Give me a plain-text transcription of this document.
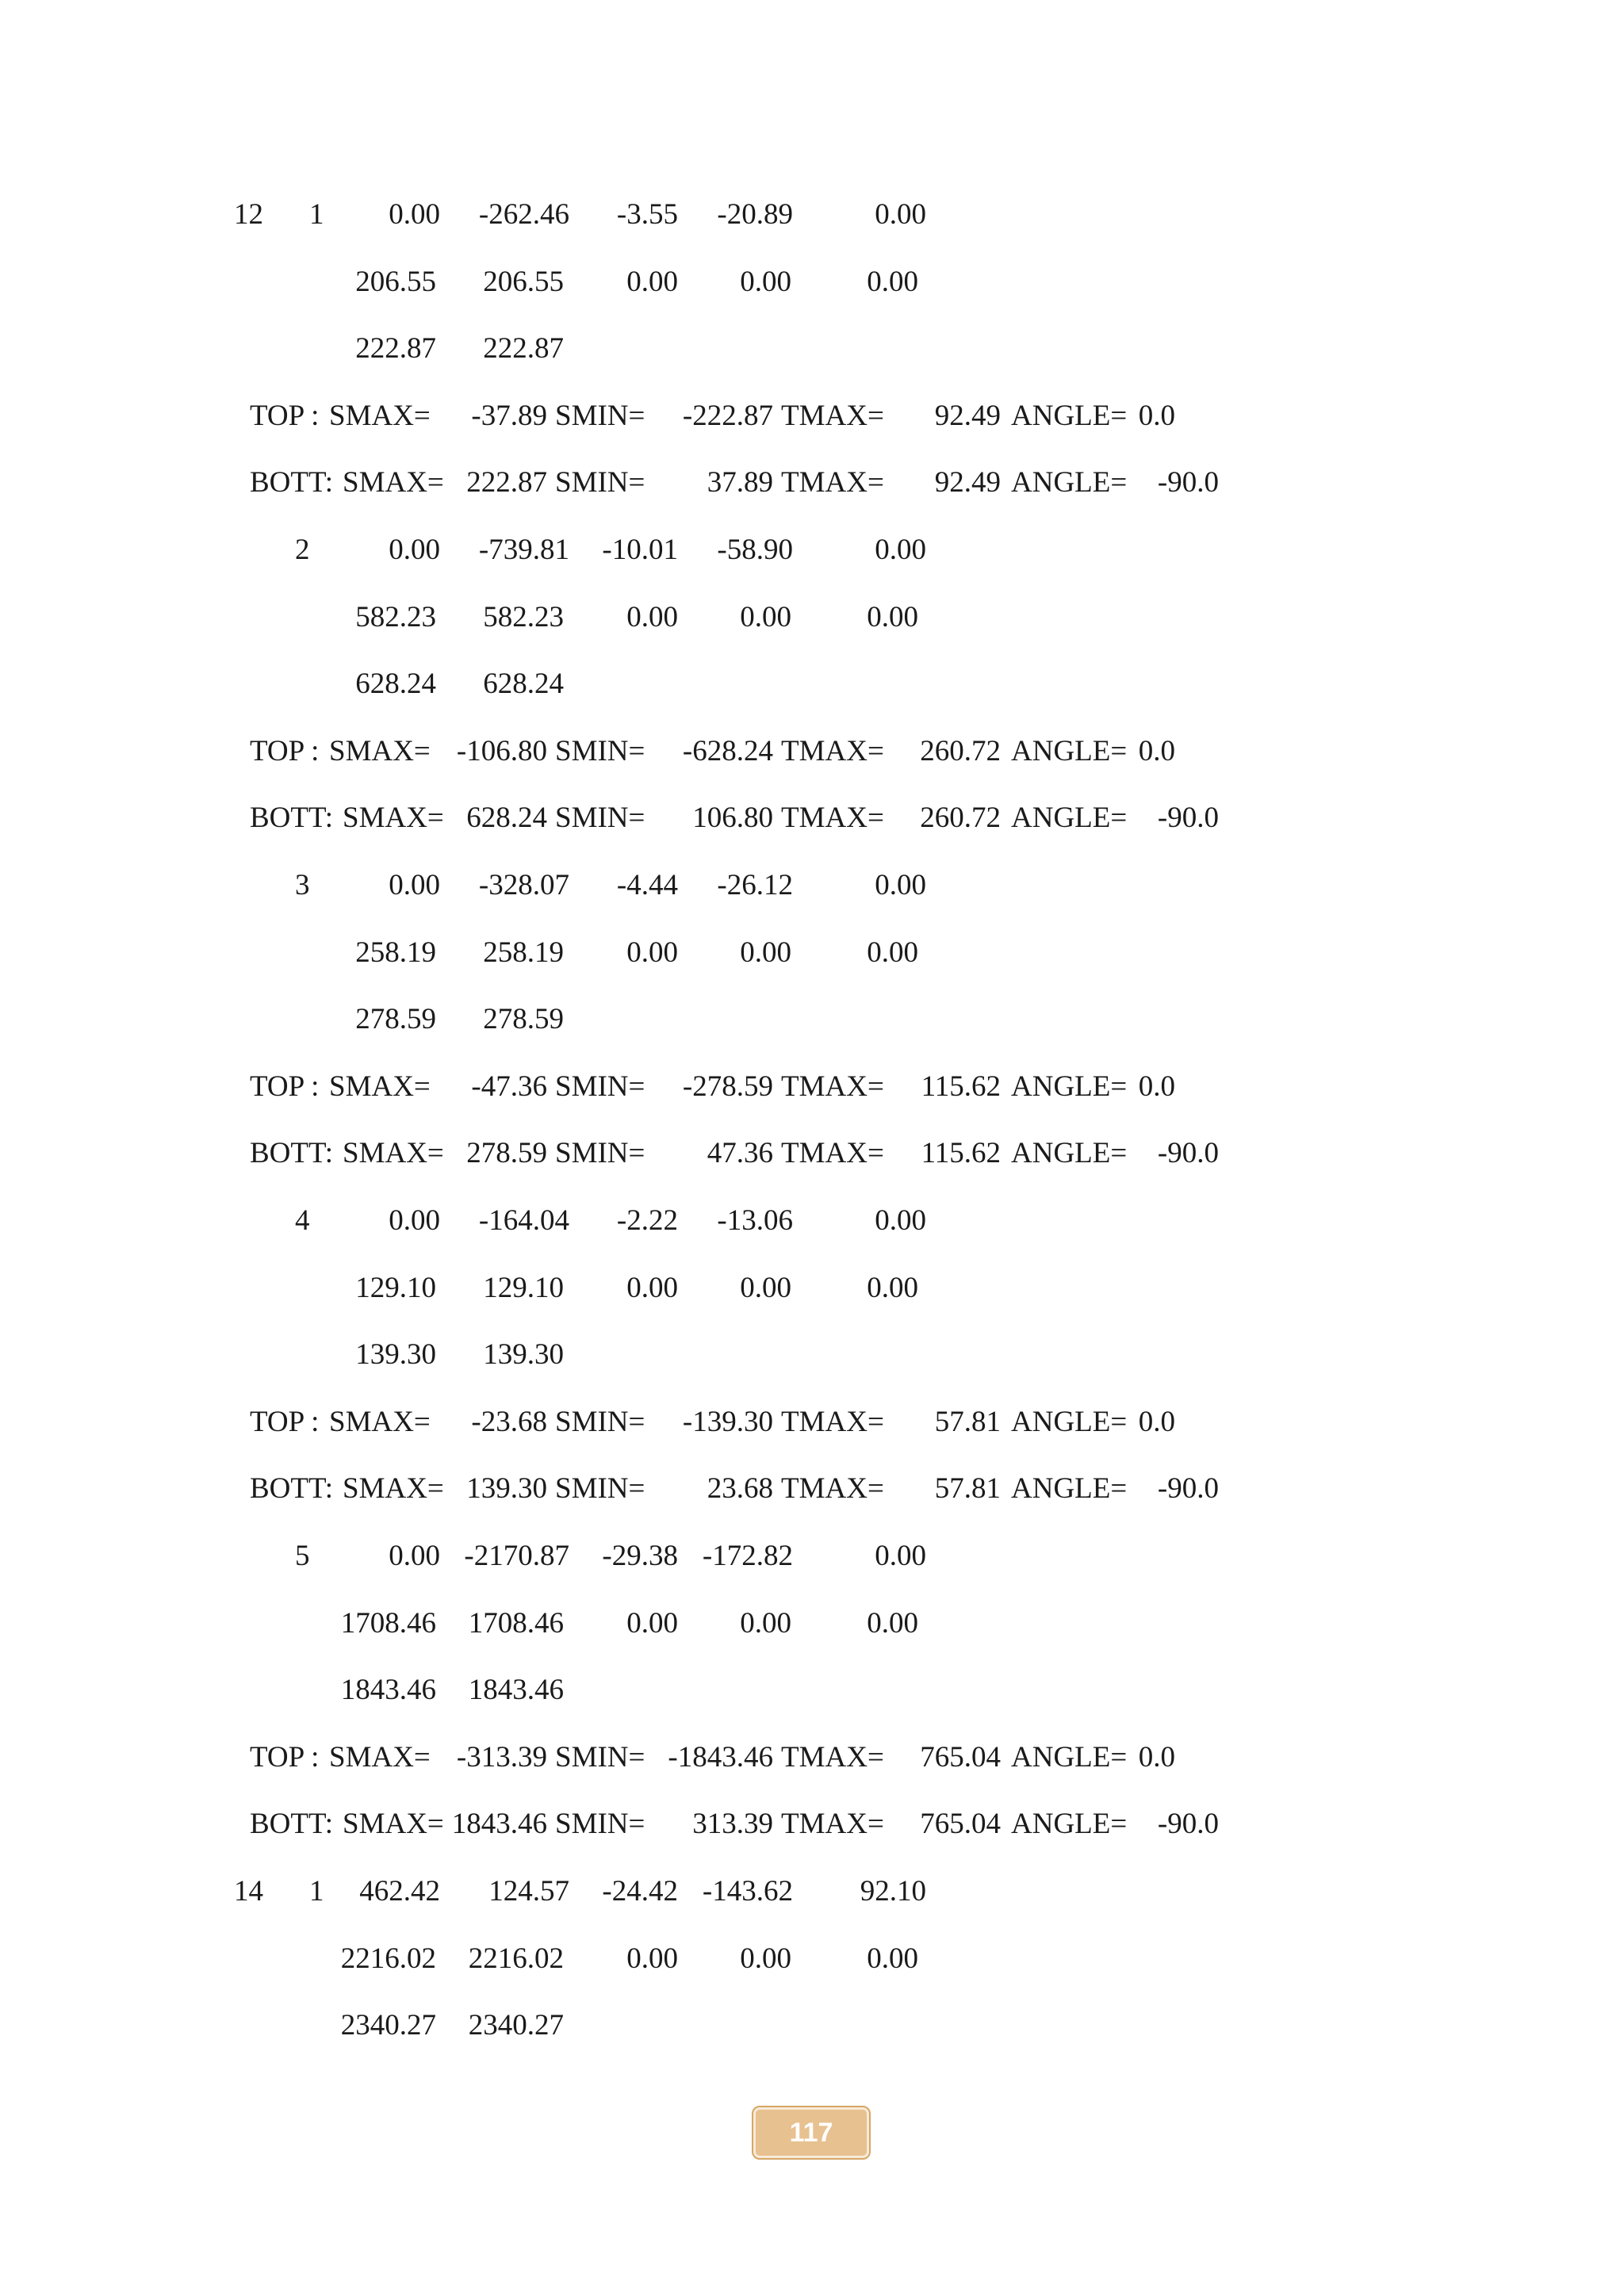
12 1 0.00 -262.46 -3.55 -20.89	0.00
206.55 206.55 0.00 0.00	0.00
222.87 222.87
TOP : SMAX= -37.89 SMIN= -222.87 TMAX= 92.49 ANGLE= 0.0
BOTT: SMAX= 222.87 SMIN= 37.89 TMAX= 92.49 ANGLE= -90.0
2	0.00 -739.81 -10.01 -58.90	0.00
582.23 582.23 0.00 0.00	0.00
628.24 628.24
TOP : SMAX= -106.80 SMIN= -628.24 TMAX= 260.72 ANGLE= 0.0
BOTT: SMAX= 628.24 SMIN= 106.80 TMAX= 260.72 ANGLE= -90.0
3	0.00 -328.07 -4.44 -26.12	0.00
258.19 258.19 0.00 0.00	0.00
278.59 278.59
TOP : SMAX= -47.36 SMIN= -278.59 TMAX= 115.62 ANGLE= 0.0
BOTT: SMAX= 278.59 SMIN= 47.36 TMAX= 115.62 ANGLE= -90.0
4	0.00 -164.04 -2.22 -13.06	0.00
129.10 129.10 0.00 0.00	0.00
139.30 139.30
TOP : SMAX= -23.68 SMIN= -139.30 TMAX= 57.81 ANGLE= 0.0
BOTT: SMAX= 139.30 SMIN= 23.68 TMAX= 57.81 ANGLE= -90.0
5	0.00 -2170.87 -29.38 -172.82	0.00
1708.46 1708.46 0.00 0.00	0.00
1843.46 1843.46
TOP : SMAX= -313.39 SMIN= -1843.46 TMAX= 765.04 ANGLE= 0.0
BOTT: SMAX= 1843.46 SMIN= 313.39 TMAX= 765.04 ANGLE= -90.0
14 1 462.42 124.57 -24.42 -143.62 92.10
2216.02 2216.02 0.00 0.00	0.00
2340.27 2340.27
117
